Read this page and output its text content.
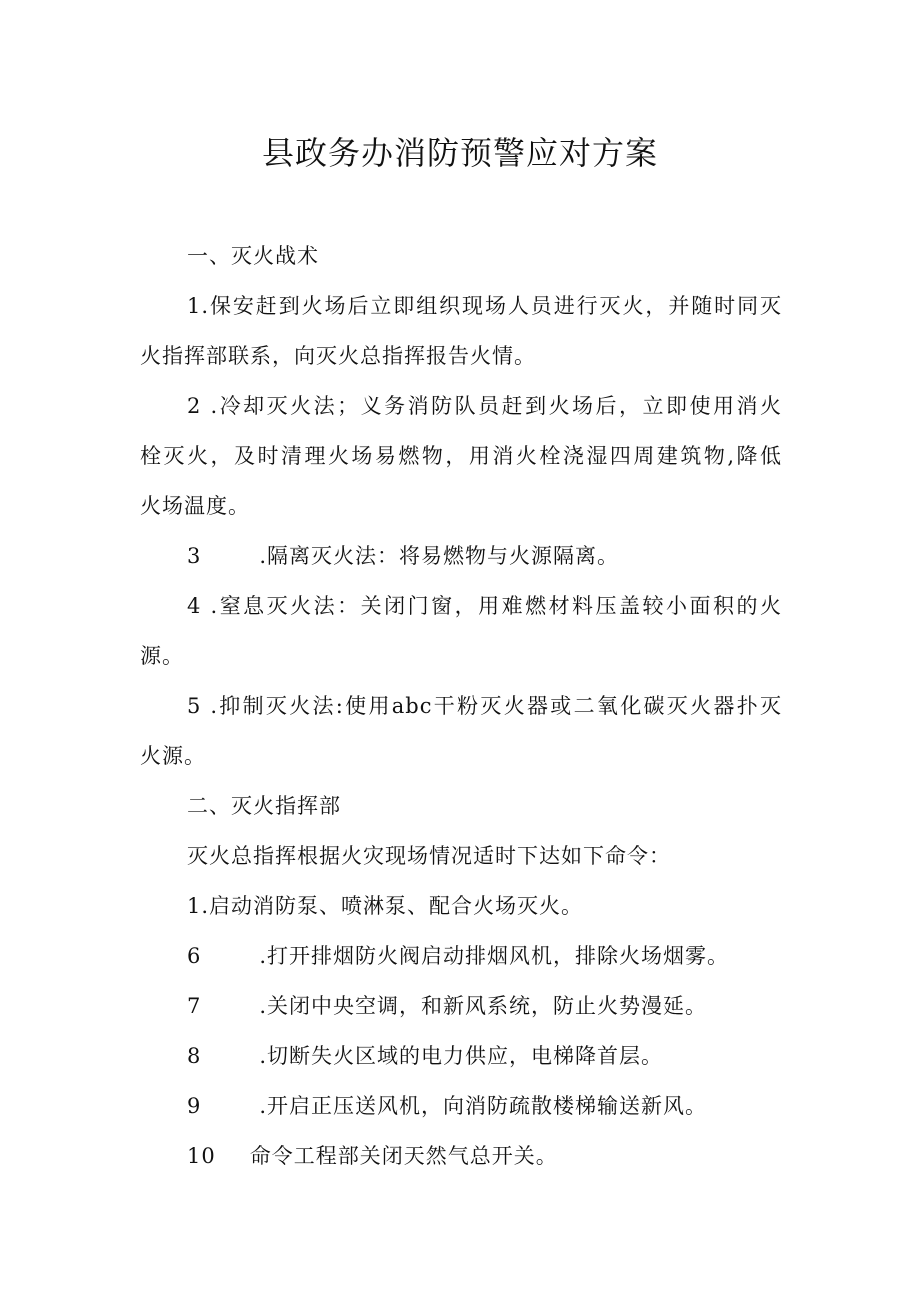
县政务办消防预警应对方案
一、灭火战术
1.保安赶到火场后立即组织现场人员进行灭火，并随时同灭
火指挥部联系，向灭火总指挥报告火情。
2 .冷却灭火法；义务消防队员赶到火场后，立即使用消火
栓灭火，及时清理火场易燃物，用消火栓浇湿四周建筑物,降低
火场温度。
3	.隔离灭火法：将易燃物与火源隔离。
4 .窒息灭火法：关闭门窗，用难燃材料压盖较小面积的火
源。
5 .抑制灭火法:使用abc干粉灭火器或二氧化碳灭火器扑灭
火源。
二、灭火指挥部
灭火总指挥根据火灾现场情况适时下达如下命令：
1.启动消防泵、喷淋泵、配合火场灭火。
6	.打开排烟防火阀启动排烟风机，排除火场烟雾。
7	.关闭中央空调，和新风系统，防止火势漫延。
8	.切断失火区域的电力供应，电梯降首层。
9	.开启正压送风机，向消防疏散楼梯输送新风。
10 命令工程部关闭天然气总开关。
